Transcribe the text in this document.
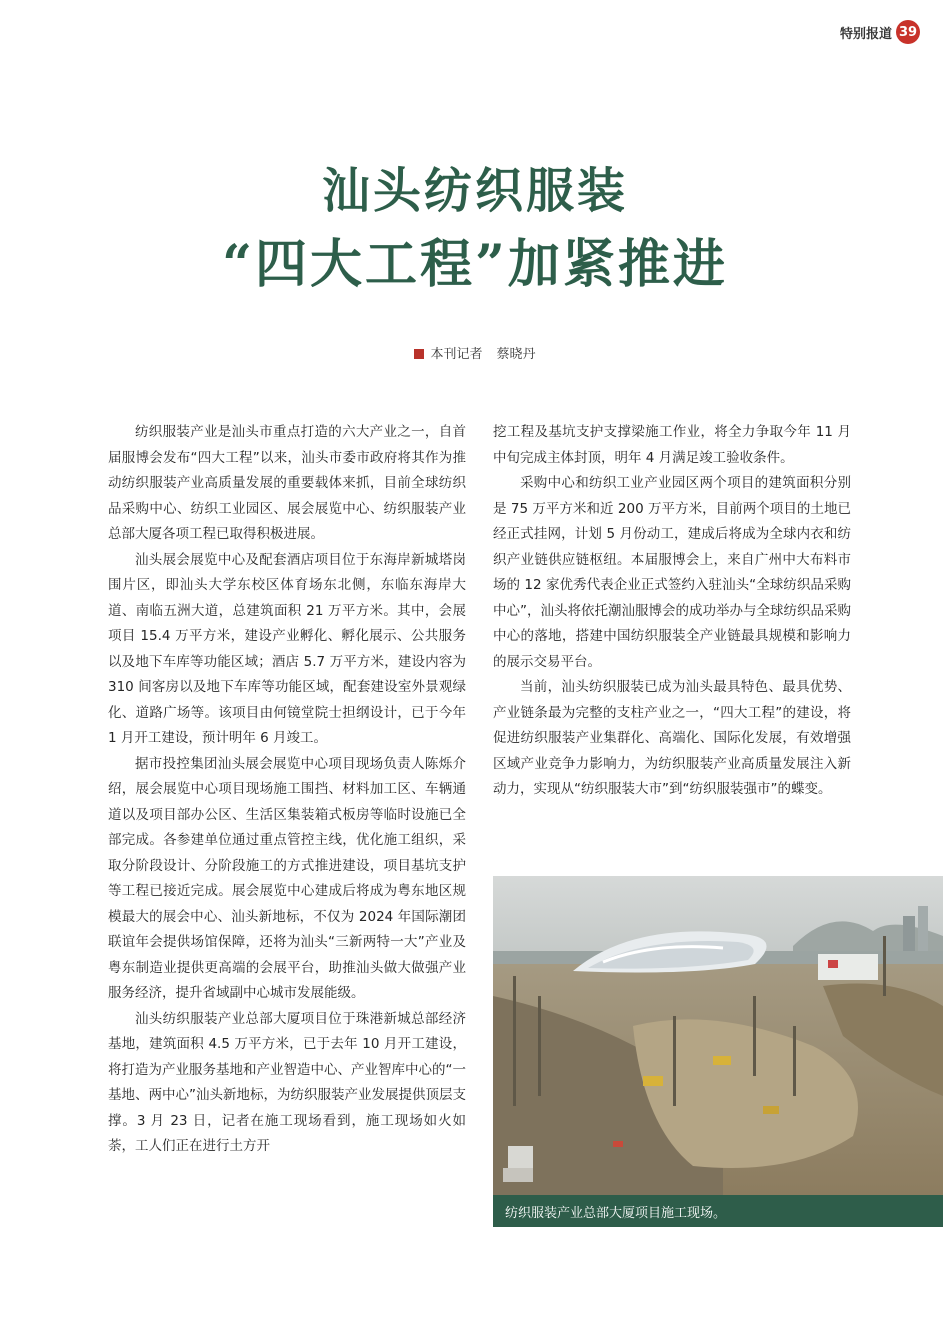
特别报道 39
汕头纺织服装
“四大工程”加紧推进
本刊记者 蔡晓丹

纺织服装产业是汕头市重点打造的六大产业之一，自首届服博会发布“四大工程”以来，汕头市委市政府将其作为推动纺织服装产业高质量发展的重要载体来抓，目前全球纺织品采购中心、纺织工业园区、展会展览中心、纺织服装产业总部大厦各项工程已取得积极进展。

汕头展会展览中心及配套酒店项目位于东海岸新城塔岗围片区，即汕头大学东校区体育场东北侧，东临东海岸大道、南临五洲大道，总建筑面积 21 万平方米。其中，会展项目 15.4 万平方米，建设产业孵化、孵化展示、公共服务以及地下车库等功能区域；酒店 5.7 万平方米，建设内容为 310 间客房以及地下车库等功能区域，配套建设室外景观绿化、道路广场等。该项目由何镜堂院士担纲设计，已于今年 1 月开工建设，预计明年 6 月竣工。

据市投控集团汕头展会展览中心项目现场负责人陈烁介绍，展会展览中心项目现场施工围挡、材料加工区、车辆通道以及项目部办公区、生活区集装箱式板房等临时设施已全部完成。各参建单位通过重点管控主线，优化施工组织，采取分阶段设计、分阶段施工的方式推进建设，项目基坑支护等工程已接近完成。展会展览中心建成后将成为粤东地区规模最大的展会中心、汕头新地标，不仅为 2024 年国际潮团联谊年会提供场馆保障，还将为汕头“三新两特一大”产业及粤东制造业提供更高端的会展平台，助推汕头做大做强产业服务经济，提升省域副中心城市发展能级。

汕头纺织服装产业总部大厦项目位于珠港新城总部经济基地，建筑面积 4.5 万平方米，已于去年 10 月开工建设，将打造为产业服务基地和产业智造中心、产业智库中心的“一基地、两中心”汕头新地标，为纺织服装产业发展提供顶层支撑。3 月 23 日，记者在施工现场看到，施工现场如火如荼，工人们正在进行土方开

挖工程及基坑支护支撑梁施工作业，将全力争取今年 11 月中旬完成主体封顶，明年 4 月满足竣工验收条件。

采购中心和纺织工业产业园区两个项目的建筑面积分别是 75 万平方米和近 200 万平方米，目前两个项目的土地已经正式挂网，计划 5 月份动工，建成后将成为全球内衣和纺织产业链供应链枢纽。本届服博会上，来自广州中大布料市场的 12 家优秀代表企业正式签约入驻汕头“全球纺织品采购中心”，汕头将依托潮汕服博会的成功举办与全球纺织品采购中心的落地，搭建中国纺织服装全产业链最具规模和影响力的展示交易平台。

当前，汕头纺织服装已成为汕头最具特色、最具优势、产业链条最为完整的支柱产业之一，“四大工程”的建设，将促进纺织服装产业集群化、高端化、国际化发展，有效增强区域产业竞争力影响力，为纺织服装产业高质量发展注入新动力，实现从“纺织服装大市”到“纺织服装强市”的蝶变。

纺织服装产业总部大厦项目施工现场。
